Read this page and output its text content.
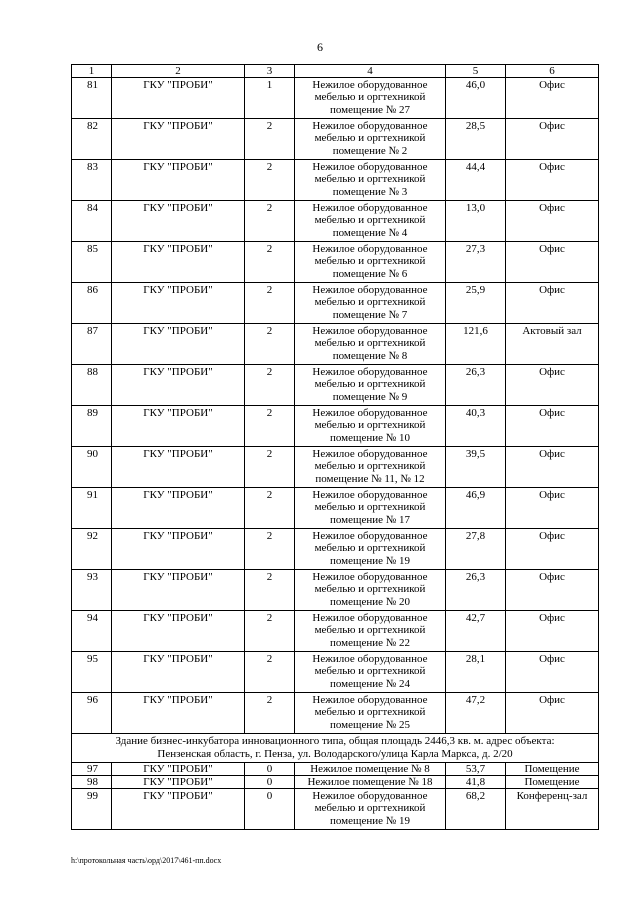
6
1	2	3	4	5	6
81	ГКУ "ПРОБИ"	1	Нежилое оборудованное
мебелью и оргтехникой
помещение № 27	46,0	Офис
82	ГКУ "ПРОБИ"	2	Нежилое оборудованное
мебелью и оргтехникой
помещение № 2	28,5	Офис
83	ГКУ "ПРОБИ"	2	Нежилое оборудованное
мебелью и оргтехникой
помещение № 3	44,4	Офис
84	ГКУ "ПРОБИ"	2	Нежилое оборудованное
мебелью и оргтехникой
помещение № 4	13,0	Офис
85	ГКУ "ПРОБИ"	2	Нежилое оборудованное
мебелью и оргтехникой
помещение № 6	27,3	Офис
86	ГКУ "ПРОБИ"	2	Нежилое оборудованное
мебелью и оргтехникой
помещение № 7	25,9	Офис
87	ГКУ "ПРОБИ"	2	Нежилое оборудованное
мебелью и оргтехникой
помещение № 8	121,6	Актовый зал
88	ГКУ "ПРОБИ"	2	Нежилое оборудованное
мебелью и оргтехникой
помещение № 9	26,3	Офис
89	ГКУ "ПРОБИ"	2	Нежилое оборудованное
мебелью и оргтехникой
помещение № 10	40,3	Офис
90	ГКУ "ПРОБИ"	2	Нежилое оборудованное
мебелью и оргтехникой
помещение № 11, № 12	39,5	Офис
91	ГКУ "ПРОБИ"	2	Нежилое оборудованное
мебелью и оргтехникой
помещение № 17	46,9	Офис
92	ГКУ "ПРОБИ"	2	Нежилое оборудованное
мебелью и оргтехникой
помещение № 19	27,8	Офис
93	ГКУ "ПРОБИ"	2	Нежилое оборудованное
мебелью и оргтехникой
помещение № 20	26,3	Офис
94	ГКУ "ПРОБИ"	2	Нежилое оборудованное
мебелью и оргтехникой
помещение № 22	42,7	Офис
95	ГКУ "ПРОБИ"	2	Нежилое оборудованное
мебелью и оргтехникой
помещение № 24	28,1	Офис
96	ГКУ "ПРОБИ"	2	Нежилое оборудованное
мебелью и оргтехникой
помещение № 25	47,2	Офис

Здание бизнес-инкубатора инновационного типа, общая площадь 2446,3 кв. м. адрес объекта:
Пензенская область, г. Пенза, ул. Володарского/улица Карла Маркса, д. 2/20					

97	ГКУ "ПРОБИ"	0	Нежилое помещение № 8	53,7	Помещение
98	ГКУ "ПРОБИ"	0	Нежилое помещение № 18	41,8	Помещение
99	ГКУ "ПРОБИ"	0	Нежилое оборудованное
мебелью и оргтехникой
помещение № 19	68,2	Конференц-зал
h:\протокольная часть\орд\2017\461-пп.docx
